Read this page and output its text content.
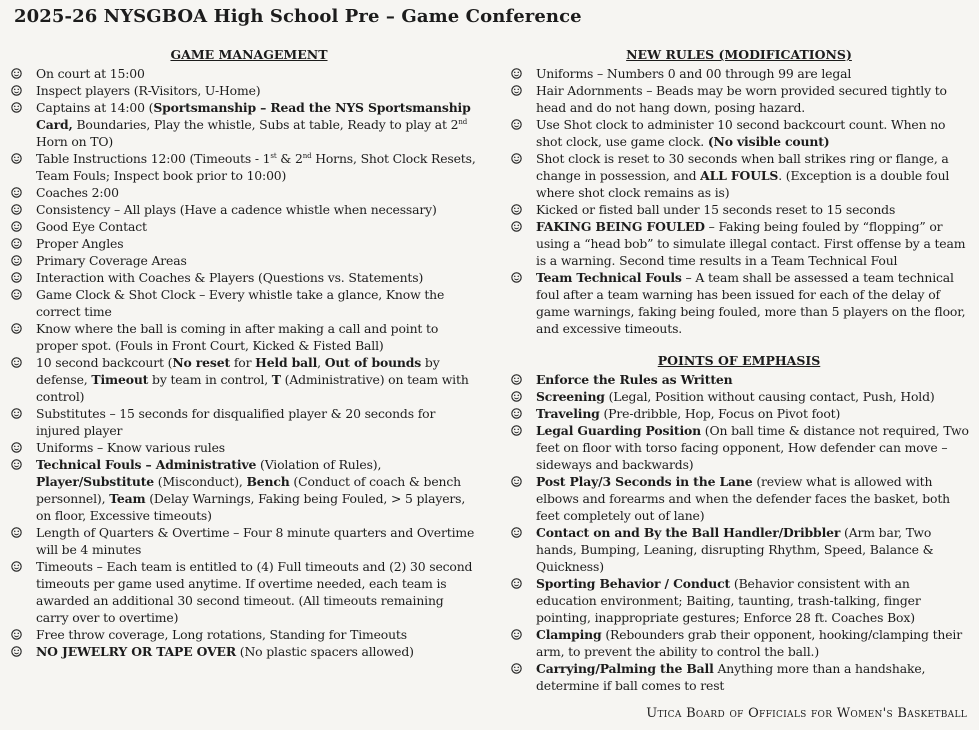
2025-26 NYSGBOA High School Pre – Game Conference
GAME MANAGEMENT
On court at 15:00
Inspect players (R-Visitors, U-Home)
Captains at 14:00 (Sportsmanship – Read the NYS Sportsmanship Card, Boundaries, Play the whistle, Subs at table, Ready to play at 2nd Horn on TO)
Table Instructions 12:00 (Timeouts - 1st & 2nd Horns, Shot Clock Resets, Team Fouls; Inspect book prior to 10:00)
Coaches 2:00
Consistency – All plays (Have a cadence whistle when necessary)
Good Eye Contact
Proper Angles
Primary Coverage Areas
Interaction with Coaches & Players (Questions vs. Statements)
Game Clock & Shot Clock – Every whistle take a glance, Know the correct time
Know where the ball is coming in after making a call and point to proper spot. (Fouls in Front Court, Kicked & Fisted Ball)
10 second backcourt (No reset for Held ball, Out of bounds by defense, Timeout by team in control, T (Administrative) on team with control)
Substitutes – 15 seconds for disqualified player & 20 seconds for injured player
Uniforms – Know various rules
Technical Fouls – Administrative (Violation of Rules), Player/Substitute (Misconduct), Bench (Conduct of coach & bench personnel), Team (Delay Warnings, Faking being Fouled, > 5 players, on floor, Excessive timeouts)
Length of Quarters & Overtime – Four 8 minute quarters and Overtime will be 4 minutes
Timeouts – Each team is entitled to (4) Full timeouts and (2) 30 second timeouts per game used anytime. If overtime needed, each team is awarded an additional 30 second timeout. (All timeouts remaining carry over to overtime)
Free throw coverage, Long rotations, Standing for Timeouts
NO JEWELRY OR TAPE OVER (No plastic spacers allowed)
NEW RULES (MODIFICATIONS)
Uniforms – Numbers 0 and 00 through 99 are legal
Hair Adornments – Beads may be worn provided secured tightly to head and do not hang down, posing hazard.
Use Shot clock to administer 10 second backcourt count. When no shot clock, use game clock. (No visible count)
Shot clock is reset to 30 seconds when ball strikes ring or flange, a change in possession, and ALL FOULS. (Exception is a double foul where shot clock remains as is)
Kicked or fisted ball under 15 seconds reset to 15 seconds
FAKING BEING FOULED – Faking being fouled by “flopping” or using a “head bob” to simulate illegal contact. First offense by a team is a warning. Second time results in a Team Technical Foul
Team Technical Fouls – A team shall be assessed a team technical foul after a team warning has been issued for each of the delay of game warnings, faking being fouled, more than 5 players on the floor, and excessive timeouts.
POINTS OF EMPHASIS
Enforce the Rules as Written
Screening (Legal, Position without causing contact, Push, Hold)
Traveling (Pre-dribble, Hop, Focus on Pivot foot)
Legal Guarding Position (On ball time & distance not required, Two feet on floor with torso facing opponent, How defender can move – sideways and backwards)
Post Play/3 Seconds in the Lane (review what is allowed with elbows and forearms and when the defender faces the basket, both feet completely out of lane)
Contact on and By the Ball Handler/Dribbler (Arm bar, Two hands, Bumping, Leaning, disrupting Rhythm, Speed, Balance & Quickness)
Sporting Behavior / Conduct (Behavior consistent with an education environment; Baiting, taunting, trash-talking, finger pointing, inappropriate gestures; Enforce 28 ft. Coaches Box)
Clamping (Rebounders grab their opponent, hooking/clamping their arm, to prevent the ability to control the ball.)
Carrying/Palming the Ball Anything more than a handshake, determine if ball comes to rest
Utica Board of Officials for Women's Basketball
